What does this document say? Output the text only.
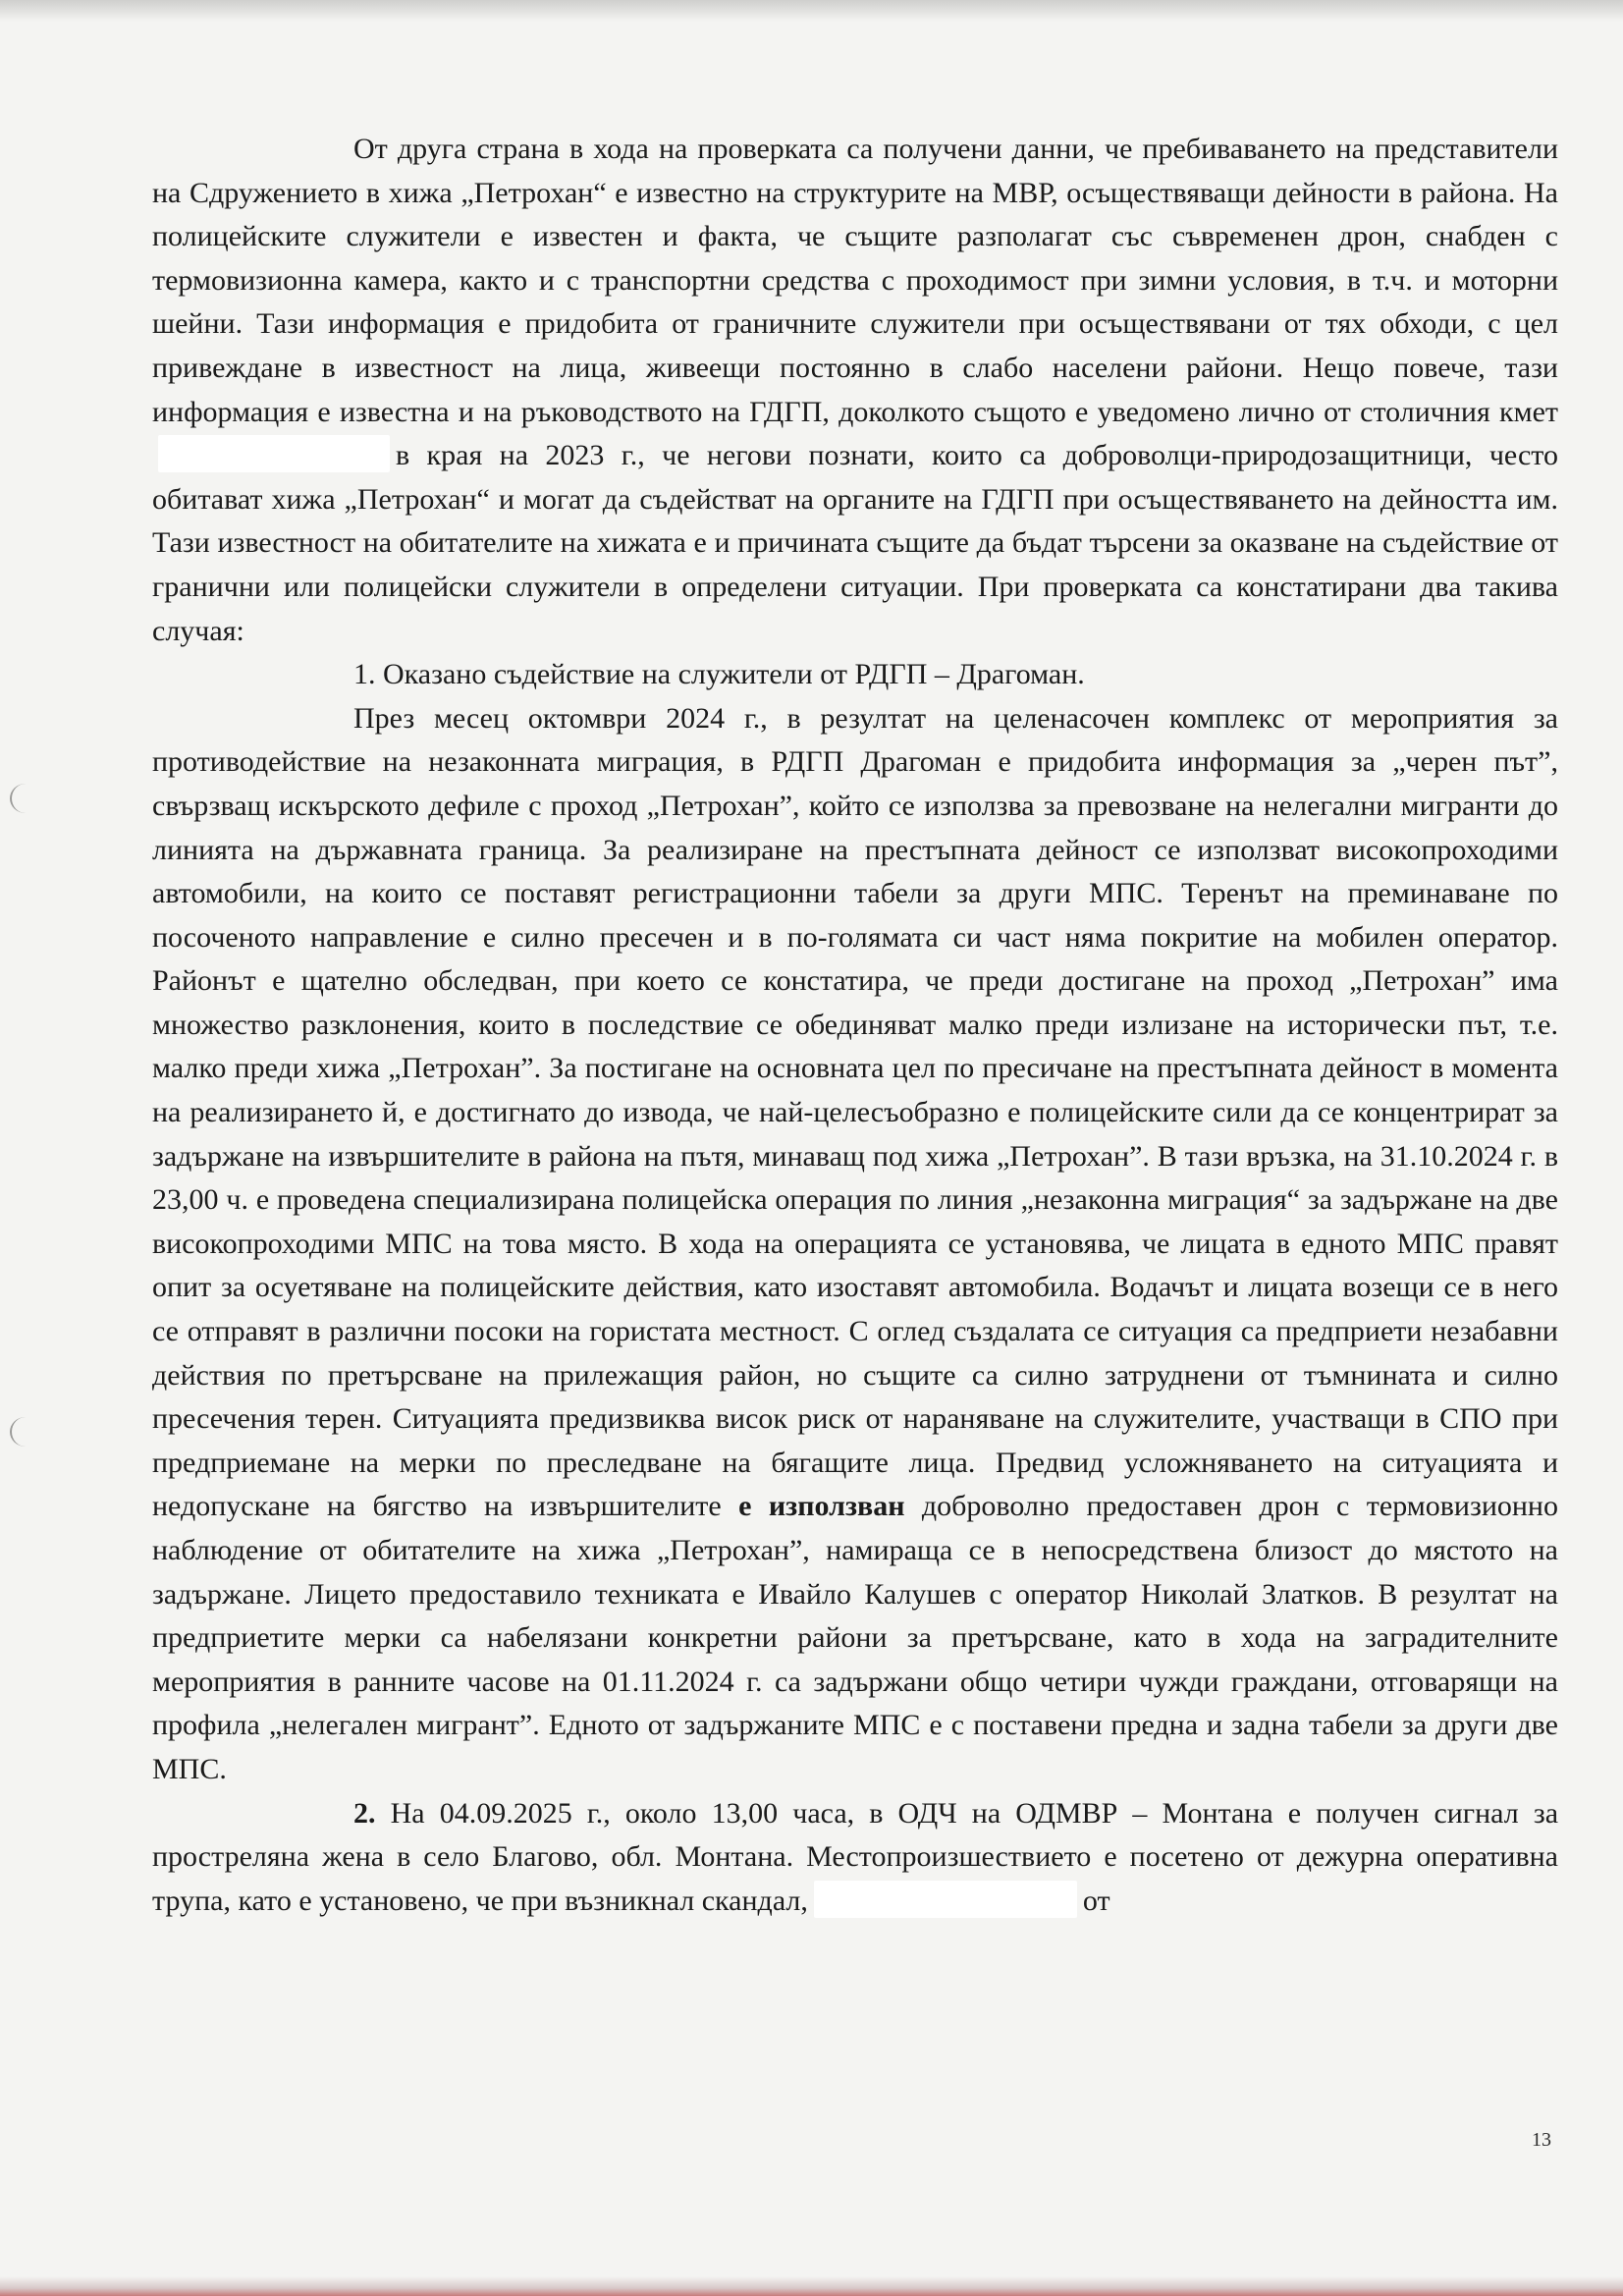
От друга страна в хода на проверката са получени данни, че пребиваването на представители на Сдружението в хижа „Петрохан“ е известно на структурите на МВР, осъществяващи дейности в района. На полицейските служители е известен и факта, че същите разполагат със съвременен дрон, снабден с термовизионна камера, както и с транспортни средства с проходимост при зимни условия, в т.ч. и моторни шейни. Тази информация е придобита от граничните служители при осъществявани от тях обходи, с цел привеждане в известност на лица, живеещи постоянно в слабо населени райони. Нещо повече, тази информация е известна и на ръководството на ГДГП, доколкото същото е уведомено лично от столичния кметв края на 2023 г., че негови познати, които са доброволци-природозащитници, често обитават хижа „Петрохан“ и могат да съдействат на органите на ГДГП при осъществяването на дейността им. Тази известност на обитателите на хижата е и причината същите да бъдат търсени за оказване на съдействие от гранични или полицейски служители в определени ситуации. При проверката са констатирани два такива случая:

1. Оказано съдействие на служители от РДГП – Драгоман.

През месец октомври 2024 г., в резултат на целенасочен комплекс от мероприятия за противодействие на незаконната миграция, в РДГП Драгоман е придобита информация за „черен път”, свързващ искърското дефиле с проход „Петрохан”, който се използва за превозване на нелегални мигранти до линията на държавната граница. За реализиране на престъпната дейност се използват високопроходими автомобили, на които се поставят регистрационни табели за други МПС. Теренът на преминаване по посоченото направление е силно пресечен и в по-голямата си част няма покритие на мобилен оператор. Районът е щателно обследван, при което се констатира, че преди достигане на проход „Петрохан” има множество разклонения, които в последствие се обединяват малко преди излизане на исторически път, т.е. малко преди хижа „Петрохан”. За постигане на основната цел по пресичане на престъпната дейност в момента на реализирането й, е достигнато до извода, че най-целесъобразно е полицейските сили да се концентрират за задържане на извършителите в района на пътя, минаващ под хижа „Петрохан”. В тази връзка, на 31.10.2024 г. в 23,00 ч. е проведена специализирана полицейска операция по линия „незаконна миграция“ за задържане на две високопроходими МПС на това място. В хода на операцията се установява, че лицата в едното МПС правят опит за осуетяване на полицейските действия, като изоставят автомобила. Водачът и лицата возещи се в него се отправят в различни посоки на гористата местност. С оглед създалата се ситуация са предприети незабавни действия по претърсване на прилежащия район, но същите са силно затруднени от тъмнината и силно пресечения терен. Ситуацията предизвиква висок риск от нараняване на служителите, участващи в СПО при предприемане на мерки по преследване на бягащите лица. Предвид усложняването на ситуацията и недопускане на бягство на извършителите е използван доброволно предоставен дрон с термовизионно наблюдение от обитателите на хижа „Петрохан”, намираща се в непосредствена близост до мястото на задържане. Лицето предоставило техниката е Ивайло Калушев с оператор Николай Златков. В резултат на предприетите мерки са набелязани конкретни райони за претърсване, като в хода на заградителните мероприятия в ранните часове на 01.11.2024 г. са задържани общо четири чужди граждани, отговарящи на профила „нелегален мигрант”. Едното от задържаните МПС е с поставени предна и задна табели за други две МПС.

2. На 04.09.2025 г., около 13,00 часа, в ОДЧ на ОДМВР – Монтана е получен сигнал за простреляна жена в село Благово, обл. Монтана. Местопроизшествието е посетено от дежурна оперативна трупа, като е установено, че при възникнал скандал,	от

13
